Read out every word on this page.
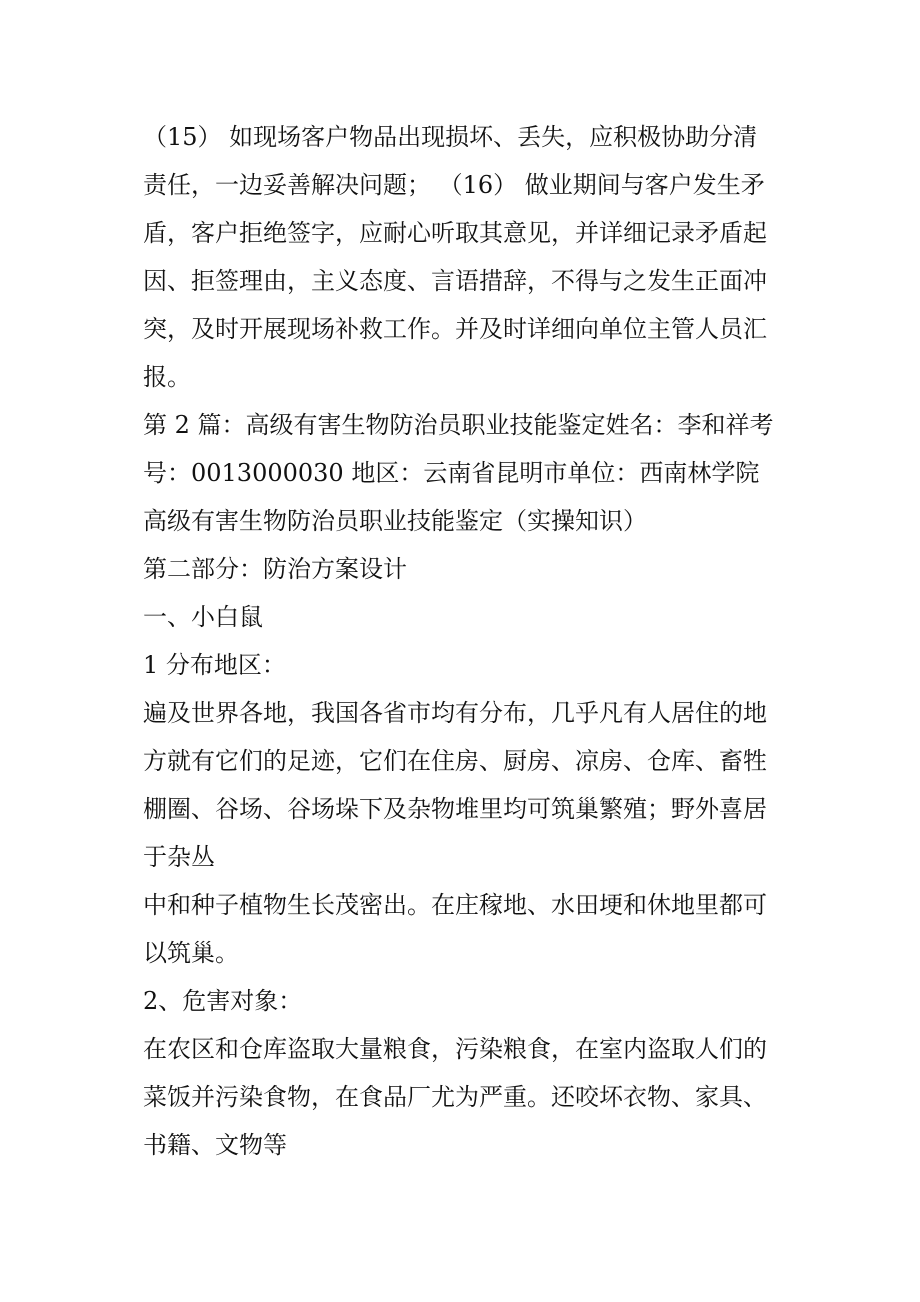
（15） 如现场客户物品出现损坏、丢失，应积极协助分清

责任，一边妥善解决问题； （16） 做业期间与客户发生矛

盾，客户拒绝签字，应耐心听取其意见，并详细记录矛盾起

因、拒签理由，主义态度、言语措辞，不得与之发生正面冲

突，及时开展现场补救工作。并及时详细向单位主管人员汇

报。

第 2 篇：高级有害生物防治员职业技能鉴定姓名：李和祥考

号：0013000030 地区：云南省昆明市单位：西南林学院

高级有害生物防治员职业技能鉴定（实操知识）

第二部分：防治方案设计

一、小白鼠

1 分布地区：

遍及世界各地，我国各省市均有分布，几乎凡有人居住的地

方就有它们的足迹，它们在住房、厨房、凉房、仓库、畜牲

棚圈、谷场、谷场垛下及杂物堆里均可筑巢繁殖；野外喜居

于杂丛

中和种子植物生长茂密出。在庄稼地、水田埂和休地里都可

以筑巢。

2、危害对象：

在农区和仓库盗取大量粮食，污染粮食，在室内盗取人们的

菜饭并污染食物，在食品厂尤为严重。还咬坏衣物、家具、

书籍、文物等
